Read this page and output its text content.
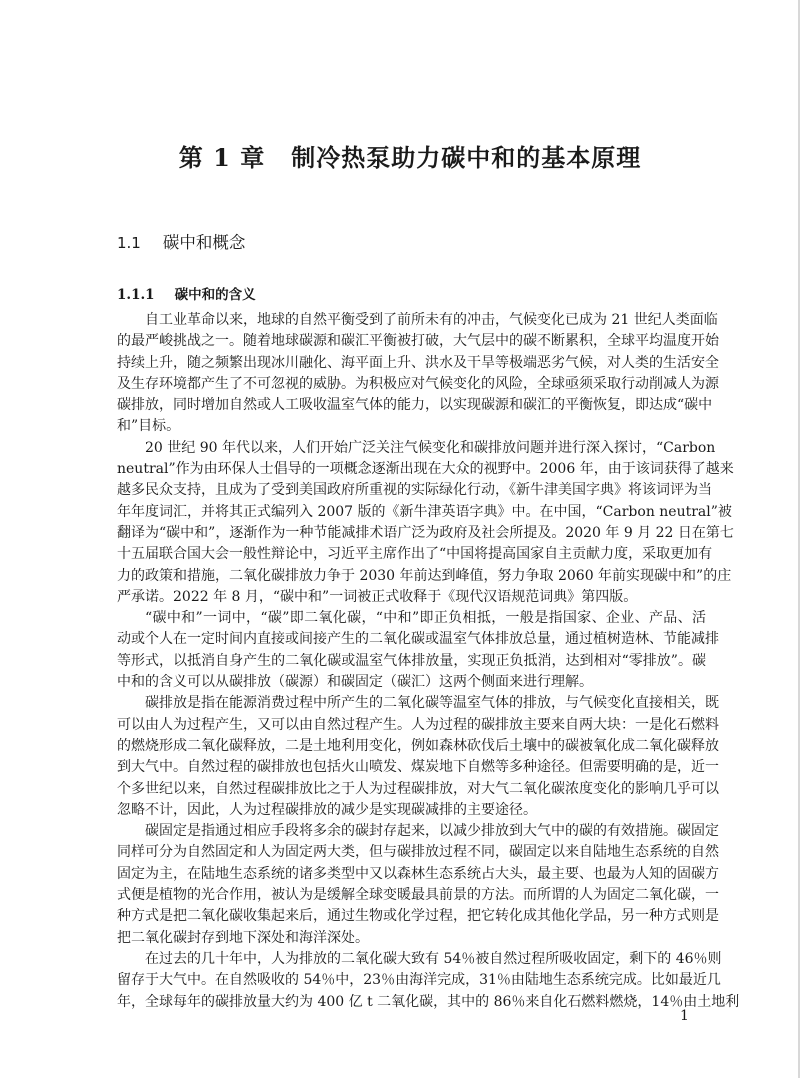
第 1 章 制冷热泵助力碳中和的基本原理
1.1 碳中和概念
1.1.1 碳中和的含义
自工业革命以来，地球的自然平衡受到了前所未有的冲击，气候变化已成为 21 世纪人类面临
的最严峻挑战之一。随着地球碳源和碳汇平衡被打破，大气层中的碳不断累积，全球平均温度开始
持续上升，随之频繁出现冰川融化、海平面上升、洪水及干旱等极端恶劣气候，对人类的生活安全
及生存环境都产生了不可忽视的威胁。为积极应对气候变化的风险，全球亟须采取行动削减人为源
碳排放，同时增加自然或人工吸收温室气体的能力，以实现碳源和碳汇的平衡恢复，即达成“碳中
和”目标。
20 世纪 90 年代以来，人们开始广泛关注气候变化和碳排放问题并进行深入探讨，“Carbon
neutral”作为由环保人士倡导的一项概念逐渐出现在大众的视野中。2006 年，由于该词获得了越来
越多民众支持，且成为了受到美国政府所重视的实际绿化行动，《新牛津美国字典》将该词评为当
年年度词汇，并将其正式编列入 2007 版的《新牛津英语字典》中。在中国，“Carbon neutral”被
翻译为“碳中和”，逐渐作为一种节能减排术语广泛为政府及社会所提及。2020 年 9 月 22 日在第七
十五届联合国大会一般性辩论中，习近平主席作出了“中国将提高国家自主贡献力度，采取更加有
力的政策和措施，二氧化碳排放力争于 2030 年前达到峰值，努力争取 2060 年前实现碳中和”的庄
严承诺。2022 年 8 月，“碳中和”一词被正式收释于《现代汉语规范词典》第四版。
“碳中和”一词中，“碳”即二氧化碳，“中和”即正负相抵，一般是指国家、企业、产品、活
动或个人在一定时间内直接或间接产生的二氧化碳或温室气体排放总量，通过植树造林、节能减排
等形式，以抵消自身产生的二氧化碳或温室气体排放量，实现正负抵消，达到相对“零排放”。碳
中和的含义可以从碳排放（碳源）和碳固定（碳汇）这两个侧面来进行理解。
碳排放是指在能源消费过程中所产生的二氧化碳等温室气体的排放，与气候变化直接相关，既
可以由人为过程产生，又可以由自然过程产生。人为过程的碳排放主要来自两大块：一是化石燃料
的燃烧形成二氧化碳释放，二是土地利用变化，例如森林砍伐后土壤中的碳被氧化成二氧化碳释放
到大气中。自然过程的碳排放也包括火山喷发、煤炭地下自燃等多种途径。但需要明确的是，近一
个多世纪以来，自然过程碳排放比之于人为过程碳排放，对大气二氧化碳浓度变化的影响几乎可以
忽略不计，因此，人为过程碳排放的减少是实现碳减排的主要途径。
碳固定是指通过相应手段将多余的碳封存起来，以减少排放到大气中的碳的有效措施。碳固定
同样可分为自然固定和人为固定两大类，但与碳排放过程不同，碳固定以来自陆地生态系统的自然
固定为主，在陆地生态系统的诸多类型中又以森林生态系统占大头，最主要、也最为人知的固碳方
式便是植物的光合作用，被认为是缓解全球变暖最具前景的方法。而所谓的人为固定二氧化碳，一
种方式是把二氧化碳收集起来后，通过生物或化学过程，把它转化成其他化学品，另一种方式则是
把二氧化碳封存到地下深处和海洋深处。
在过去的几十年中，人为排放的二氧化碳大致有 54％被自然过程所吸收固定，剩下的 46％则
留存于大气中。在自然吸收的 54％中，23％由海洋完成，31％由陆地生态系统完成。比如最近几
年，全球每年的碳排放量大约为 400 亿 t 二氧化碳，其中的 86％来自化石燃料燃烧，14％由土地利
1
